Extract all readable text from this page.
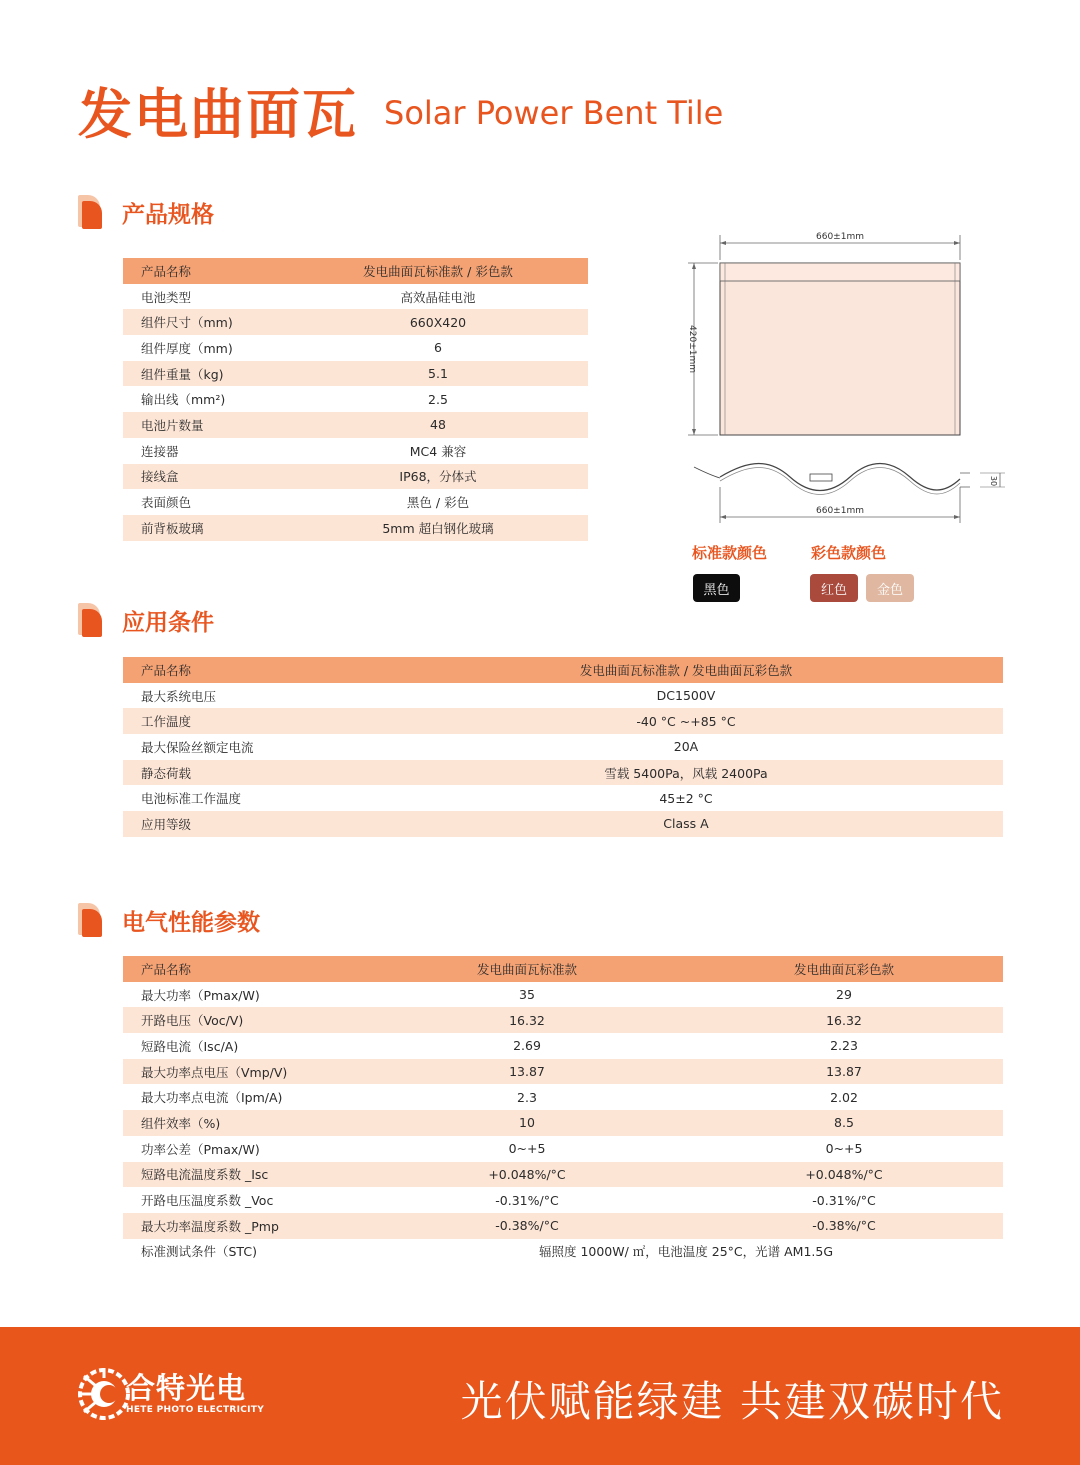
发电曲面瓦 Solar Power Bent Tile
产品规格
产品名称	发电曲面瓦标准款 / 彩色款
电池类型	高效晶硅电池
组件尺寸（mm)	660X420
组件厚度（mm)	6
组件重量（kg)	5.1
输出线（mm²)	2.5
电池片数量	48
连接器	MC4 兼容
接线盒	IP68，分体式
表面颜色	黑色 / 彩色
前背板玻璃	5mm 超白钢化玻璃
660±1mm
420±1mm
30
660±1mm
标准款颜色	彩色款颜色
黑色	红色	金色
应用条件
产品名称	发电曲面瓦标准款 / 发电曲面瓦彩色款
最大系统电压	DC1500V
工作温度	-40 °C ~+85 °C
最大保险丝额定电流	20A
静态荷载	雪载 5400Pa，风载 2400Pa
电池标准工作温度	45±2 °C
应用等级	Class A
电气性能参数
产品名称	发电曲面瓦标准款	发电曲面瓦彩色款
最大功率（Pmax/W)	35	29
开路电压（Voc/V)	16.32	16.32
短路电流（Isc/A)	2.69	2.23
最大功率点电压（Vmp/V)	13.87	13.87
最大功率点电流（Ipm/A)	2.3	2.02
组件效率（%)	10	8.5
功率公差（Pmax/W)	0~+5	0~+5
短路电流温度系数 _Isc	+0.048%/°C	+0.048%/°C
开路电压温度系数 _Voc	-0.31%/°C	-0.31%/°C
最大功率温度系数 _Pmp	-0.38%/°C	-0.38%/°C
标准测试条件（STC)	辐照度 1000W/ ㎡，电池温度 25°C，光谱 AM1.5G	
合特光电
HETE PHOTO ELECTRICITY	光伏赋能绿建 共建双碳时代
